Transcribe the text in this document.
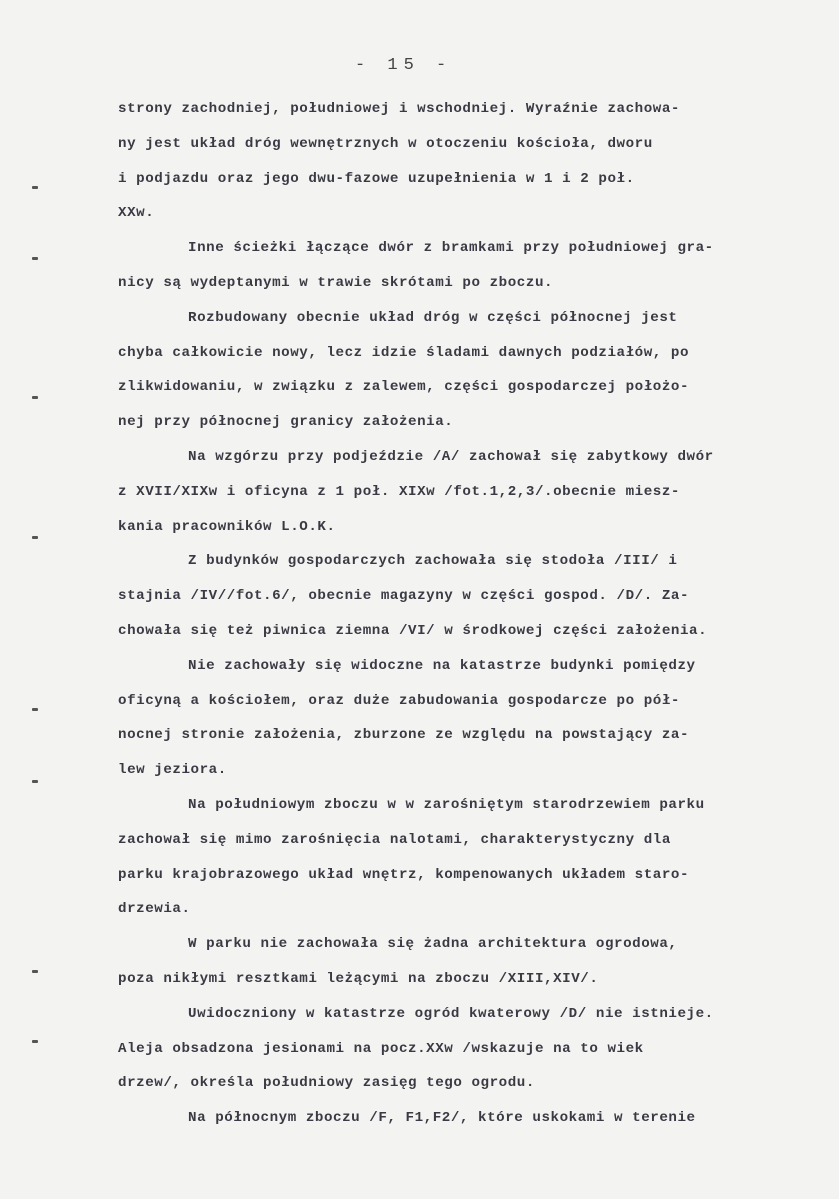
- 15 -
strony zachodniej, południowej i wschodniej. Wyraźnie zachowa-
ny jest układ dróg wewnętrznych w otoczeniu kościoła, dworu
i podjazdu oraz jego dwu-fazowe uzupełnienia w 1 i 2 poł.
XXw.
Inne ścieżki łączące dwór z bramkami przy południowej gra-
nicy są wydeptanymi w trawie skrótami po zboczu.
Rozbudowany obecnie układ dróg w części północnej jest
chyba całkowicie nowy, lecz idzie śladami dawnych podziałów, po
zlikwidowaniu, w związku z zalewem, części gospodarczej położo-
nej przy północnej granicy założenia.
Na wzgórzu przy podjeździe /A/ zachował się zabytkowy dwór
z XVII/XIXw i oficyna z 1 poł. XIXw /fot.1,2,3/.obecnie miesz-
kania pracowników L.O.K.
Z budynków gospodarczych zachowała się stodoła /III/ i
stajnia /IV//fot.6/, obecnie magazyny w części gospod. /D/. Za-
chowała się też piwnica ziemna /VI/ w środkowej części założenia.
Nie zachowały się widoczne na katastrze budynki pomiędzy
oficyną a kościołem, oraz duże zabudowania gospodarcze po pół-
nocnej stronie założenia, zburzone ze względu na powstający za-
lew jeziora.
Na południowym zboczu w w zarośniętym starodrzewiem parku
zachował się mimo zarośnięcia nalotami, charakterystyczny dla
parku krajobrazowego układ wnętrz, kompenowanych układem staro-
drzewia.
W parku nie zachowała się żadna architektura ogrodowa,
poza nikłymi resztkami leżącymi na zboczu /XIII,XIV/.
Uwidoczniony w katastrze ogród kwaterowy /D/ nie istnieje.
Aleja obsadzona jesionami na pocz.XXw /wskazuje na to wiek
drzew/, określa południowy zasięg tego ogrodu.
Na północnym zboczu /F, F1,F2/, które uskokami w terenie
